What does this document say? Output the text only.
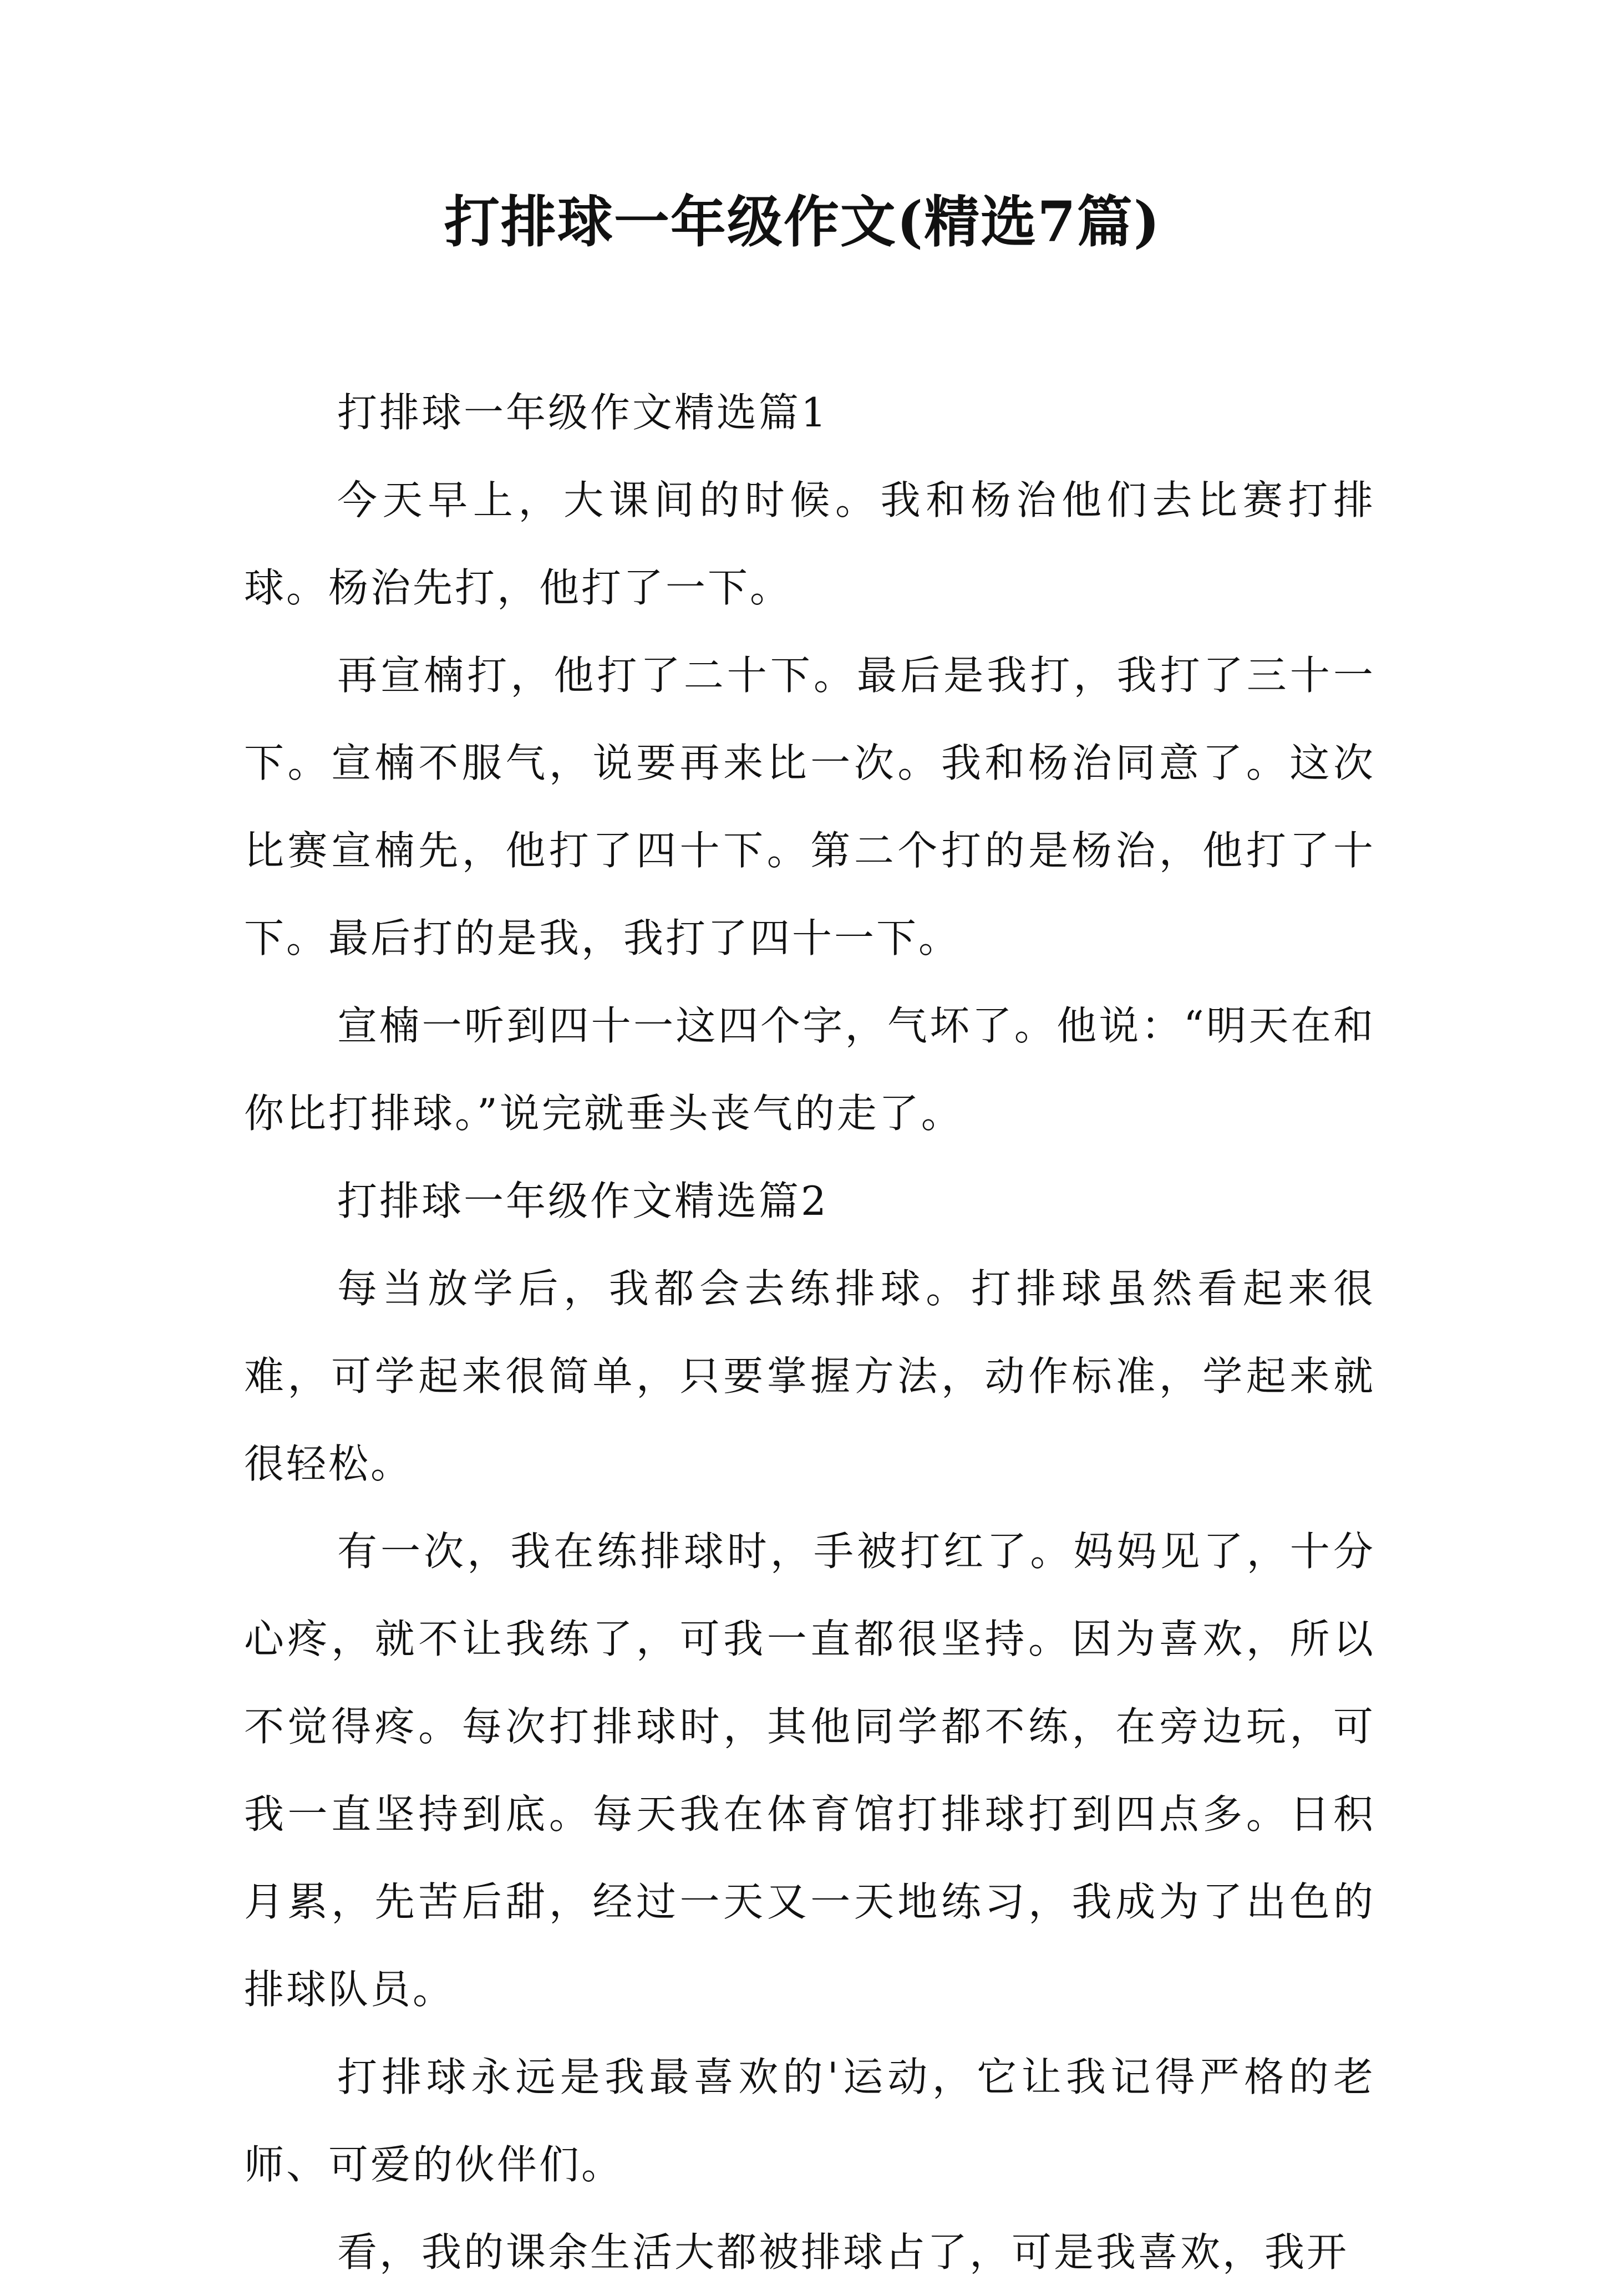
打排球一年级作文(精选7篇)

打排球一年级作文精选篇1

今天早上，大课间的时候。我和杨治他们去比赛打排球。杨治先打，他打了一下。

再宣楠打，他打了二十下。最后是我打，我打了三十一下。宣楠不服气，说要再来比一次。我和杨治同意了。这次比赛宣楠先，他打了四十下。第二个打的是杨治，他打了十下。最后打的是我，我打了四十一下。

宣楠一听到四十一这四个字，气坏了。他说：“明天在和你比打排球。”说完就垂头丧气的走了。

打排球一年级作文精选篇2

每当放学后，我都会去练排球。打排球虽然看起来很难，可学起来很简单，只要掌握方法，动作标准，学起来就很轻松。

有一次，我在练排球时，手被打红了。妈妈见了，十分心疼，就不让我练了，可我一直都很坚持。因为喜欢，所以不觉得疼。每次打排球时，其他同学都不练，在旁边玩，可我一直坚持到底。每天我在体育馆打排球打到四点多。日积月累，先苦后甜，经过一天又一天地练习，我成为了出色的排球队员。

打排球永远是我最喜欢的'运动，它让我记得严格的老师、可爱的伙伴们。

看，我的课余生活大都被排球占了，可是我喜欢，我开
